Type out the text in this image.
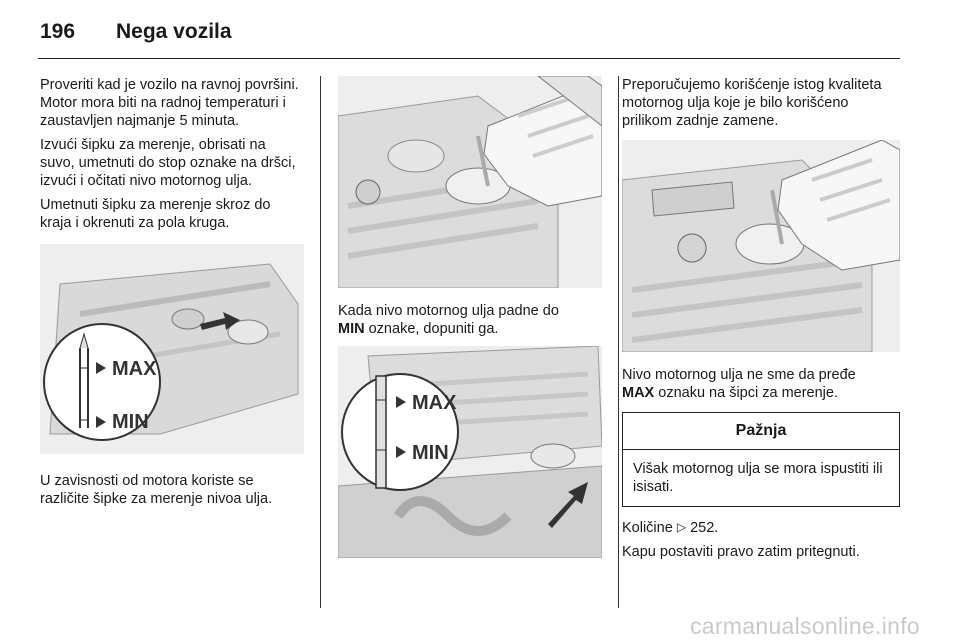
196 Nega vozila

Proveriti kad je vozilo na ravnoj površini. Motor mora biti na radnoj temperaturi i zaustavljen najmanje 5 minuta.

Izvući šipku za merenje, obrisati na suvo, umetnuti do stop oznake na dršci, izvući i očitati nivo motornog ulja.

Umetnuti šipku za merenje skroz do kraja i okrenuti za pola kruga.

MAX
MIN

U zavisnosti od motora koriste se različite šipke za merenje nivoa ulja.

Kada nivo motornog ulja padne do
MIN oznake, dopuniti ga.

MAX
MIN

Preporučujemo korišćenje istog kvaliteta motornog ulja koje je bilo korišćeno prilikom zadnje zamene.

Nivo motornog ulja ne sme da pređe
MAX oznaku na šipci za merenje.

Pažnja
Višak motornog ulja se mora ispustiti ili isisati.

Količine ▷ 252.

Kapu postaviti pravo zatim pritegnuti.

carmanualsonline.info
